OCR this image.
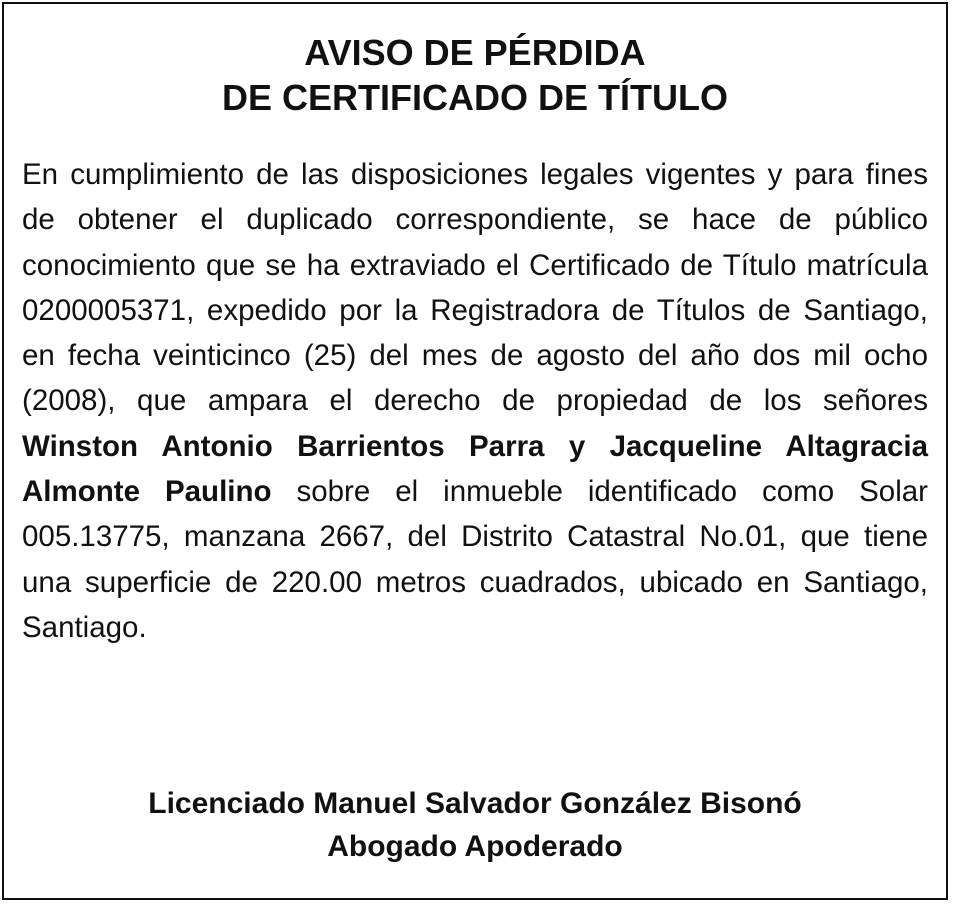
AVISO DE PÉRDIDA
DE CERTIFICADO DE TÍTULO

En cumplimiento de las disposiciones legales vigentes y para fines de obtener el duplicado correspondiente, se hace de público conocimiento que se ha extraviado el Certificado de Título matrícula 0200005371, expedido por la Registradora de Títulos de Santiago, en fecha veinticinco (25) del mes de agosto del año dos mil ocho (2008), que ampara el derecho de propiedad de los señores Winston Antonio Barrientos Parra y Jacqueline Altagracia Almonte Paulino sobre el inmueble identificado como Solar 005.13775, manzana 2667, del Distrito Catastral No.01, que tiene una superficie de 220.00 metros cuadrados, ubicado en Santiago, Santiago.

Licenciado Manuel Salvador González Bisonó

Abogado Apoderado
